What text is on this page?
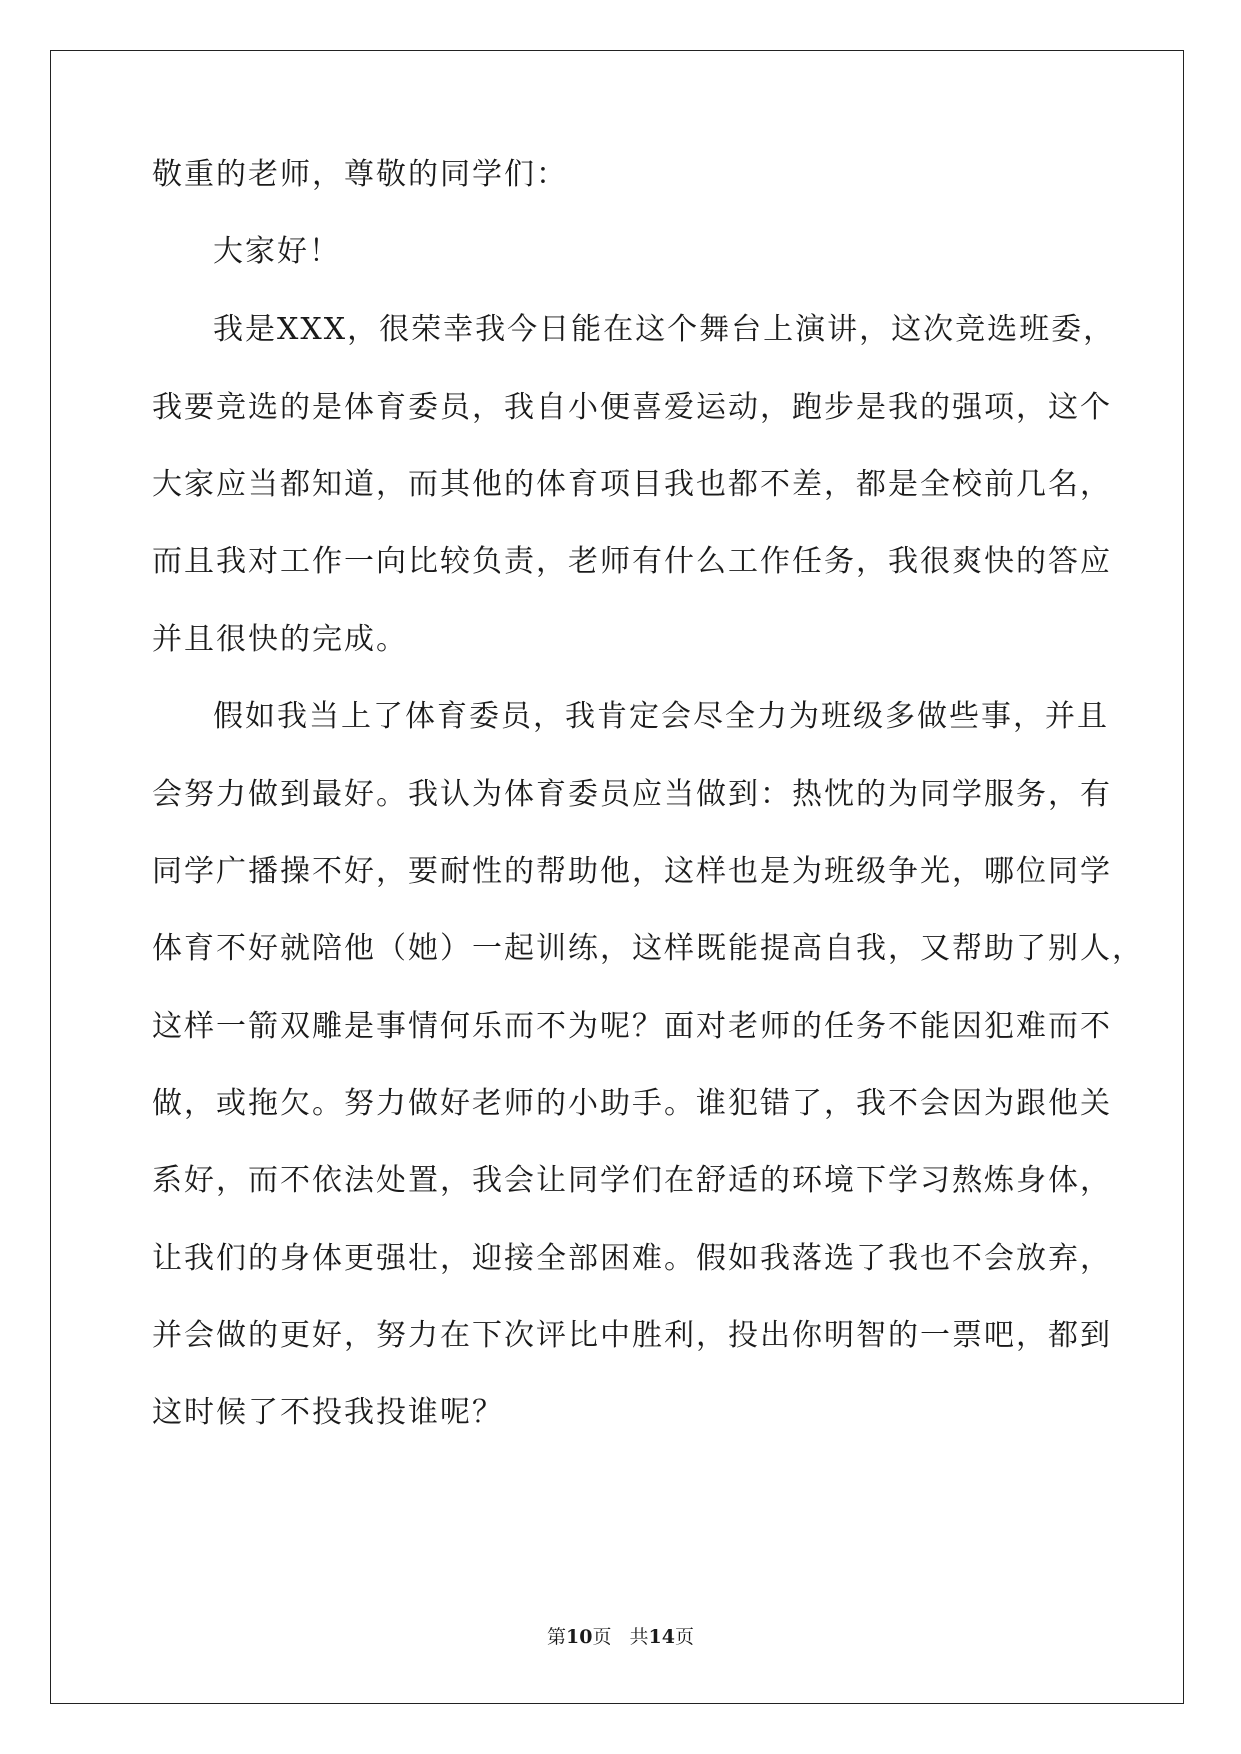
敬重的老师，尊敬的同学们：
大家好！
我是XXX，很荣幸我今日能在这个舞台上演讲，这次竞选班委，
我要竞选的是体育委员，我自小便喜爱运动，跑步是我的强项，这个
大家应当都知道，而其他的体育项目我也都不差，都是全校前几名，
而且我对工作一向比较负责，老师有什么工作任务，我很爽快的答应
并且很快的完成。
假如我当上了体育委员，我肯定会尽全力为班级多做些事，并且
会努力做到最好。我认为体育委员应当做到：热忱的为同学服务，有
同学广播操不好，要耐性的帮助他，这样也是为班级争光，哪位同学
体育不好就陪他（她）一起训练，这样既能提高自我，又帮助了别人，
这样一箭双雕是事情何乐而不为呢？面对老师的任务不能因犯难而不
做，或拖欠。努力做好老师的小助手。谁犯错了，我不会因为跟他关
系好，而不依法处置，我会让同学们在舒适的环境下学习熬炼身体，
让我们的身体更强壮，迎接全部困难。假如我落选了我也不会放弃，
并会做的更好，努力在下次评比中胜利，投出你明智的一票吧，都到
这时候了不投我投谁呢？
第10页 共14页
